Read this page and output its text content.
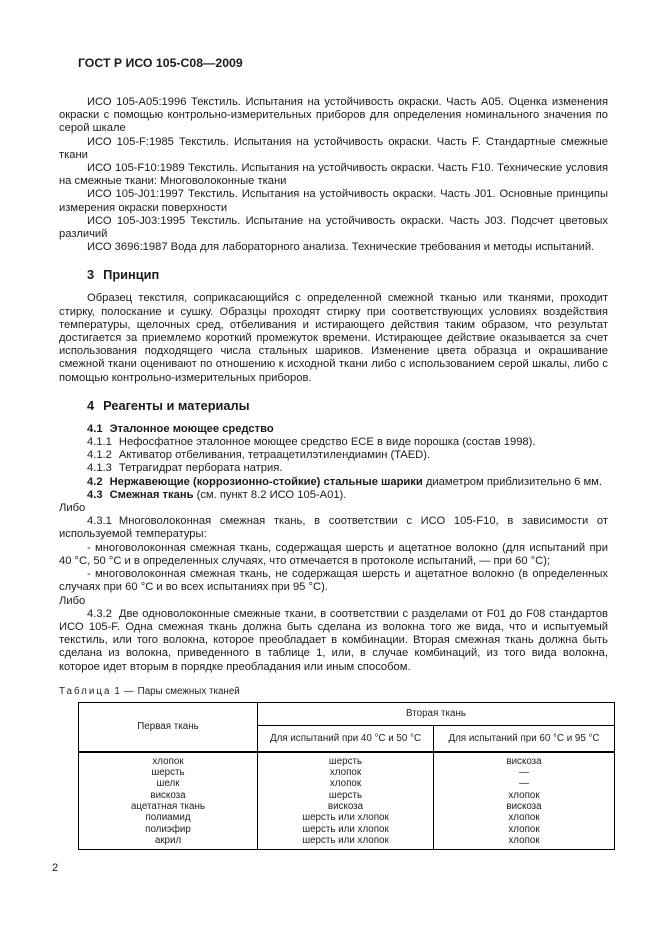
ГОСТ Р ИСО 105-С08—2009

ИСО 105-А05:1996 Текстиль. Испытания на устойчивость окраски. Часть А05. Оценка изменения окраски с помощью контрольно-измерительных приборов для определения номинального значения по серой шкале

ИСО 105-F:1985 Текстиль. Испытания на устойчивость окраски. Часть F. Стандартные смежные ткани

ИСО 105-F10:1989 Текстиль. Испытания на устойчивость окраски. Часть F10. Технические условия на смежные ткани: Многоволоконные ткани

ИСО 105-J01:1997 Текстиль. Испытания на устойчивость окраски. Часть J01. Основные принципы измерения окраски поверхности

ИСО 105-J03:1995 Текстиль. Испытание на устойчивость окраски. Часть J03. Подсчет цветовых различий

ИСО 3696:1987 Вода для лабораторного анализа. Технические требования и методы испытаний.

3 Принцип

Образец текстиля, соприкасающийся с определенной смежной тканью или тканями, проходит стирку, полоскание и сушку. Образцы проходят стирку при соответствующих условиях воздействия температуры, щелочных сред, отбеливания и истирающего действия таким образом, что результат достигается за приемлемо короткий промежуток времени. Истирающее действие оказывается за счет использования подходящего числа стальных шариков. Изменение цвета образца и окрашивание смежной ткани оценивают по отношению к исходной ткани либо с использованием серой шкалы, либо с помощью контрольно-измерительных приборов.

4 Реагенты и материалы

4.1 Эталонное моющее средство

4.1.1 Нефосфатное эталонное моющее средство ЕСЕ в виде порошка (состав 1998).

4.1.2 Активатор отбеливания, тетраацетилэтилендиамин (TAED).

4.1.3 Тетрагидрат пербората натрия.

4.2 Нержавеющие (коррозионно-стойкие) стальные шарики диаметром приблизительно 6 мм.

4.3 Смежная ткань (см. пункт 8.2 ИСО 105-А01).

Либо

4.3.1 Многоволоконная смежная ткань, в соответствии с ИСО 105-F10, в зависимости от используемой температуры:

- многоволоконная смежная ткань, содержащая шерсть и ацетатное волокно (для испытаний при 40 °С, 50 °С и в определенных случаях, что отмечается в протоколе испытаний, — при 60 °С);

- многоволоконная смежная ткань, не содержащая шерсть и ацетатное волокно (в определенных случаях при 60 °С и во всех испытаниях при 95 °С).

Либо

4.3.2 Две одноволоконные смежные ткани, в соответствии с разделами от F01 до F08 стандартов ИСО 105-F. Одна смежная ткань должна быть сделана из волокна того же вида, что и испытуемый текстиль, или того волокна, которое преобладает в комбинации. Вторая смежная ткань должна быть сделана из волокна, приведенного в таблице 1, или, в случае комбинаций, из того вида волокна, которое идет вторым в порядке преобладания или иным способом.

Таблица 1 — Пары смежных тканей

Первая ткань	Вторая ткань	
	Для испытаний при 40 °С и 50 °С	Для испытаний при 60 °С и 95 °С
хлопок	шерсть	вискоза
шерсть	хлопок	—
шелк	хлопок	—
вискоза	шерсть	хлопок
ацетатная ткань	вискоза	вискоза
полиамид	шерсть или хлопок	хлопок
полиэфир	шерсть или хлопок	хлопок
акрил	шерсть или хлопок	хлопок
2
